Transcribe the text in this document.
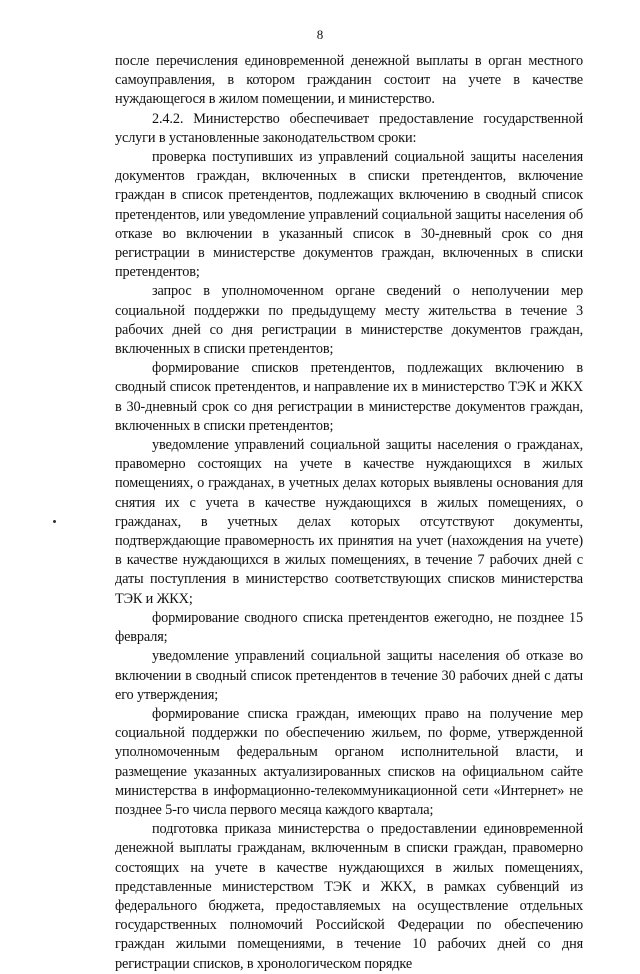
8

после перечисления единовременной денежной выплаты в орган местного самоуправления, в котором гражданин состоит на учете в качестве нуждающегося в жилом помещении, и министерство.

2.4.2. Министерство обеспечивает предоставление государственной услуги в установленные законодательством сроки:

проверка поступивших из управлений социальной защиты населения документов граждан, включенных в списки претендентов, включение граждан в список претендентов, подлежащих включению в сводный список претендентов, или уведомление управлений социальной защиты населения об отказе во включении в указанный список в 30-дневный срок со дня регистрации в министерстве документов граждан, включенных в списки претендентов;

запрос в уполномоченном органе сведений о неполучении мер социальной поддержки по предыдущему месту жительства в течение 3 рабочих дней со дня регистрации в министерстве документов граждан, включенных в списки претендентов;

формирование списков претендентов, подлежащих включению в сводный список претендентов, и направление их в министерство ТЭК и ЖКХ в 30-дневный срок со дня регистрации в министерстве документов граждан, включенных в списки претендентов;

уведомление управлений социальной защиты населения о гражданах, правомерно состоящих на учете в качестве нуждающихся в жилых помещениях, о гражданах, в учетных делах которых выявлены основания для снятия их с учета в качестве нуждающихся в жилых помещениях, о гражданах, в учетных делах которых отсутствуют документы, подтверждающие правомерность их принятия на учет (нахождения на учете) в качестве нуждающихся в жилых помещениях, в течение 7 рабочих дней с даты поступления в министерство соответствующих списков министерства ТЭК и ЖКХ;

формирование сводного списка претендентов ежегодно, не позднее 15 февраля;

уведомление управлений социальной защиты населения об отказе во включении в сводный список претендентов в течение 30 рабочих дней с даты его утверждения;

формирование списка граждан, имеющих право на получение мер социальной поддержки по обеспечению жильем, по форме, утвержденной уполномоченным федеральным органом исполнительной власти, и размещение указанных актуализированных списков на официальном сайте министерства в информационно-телекоммуникационной сети «Интернет» не позднее 5-го числа первого месяца каждого квартала;

подготовка приказа министерства о предоставлении единовременной денежной выплаты гражданам, включенным в списки граждан, правомерно состоящих на учете в качестве нуждающихся в жилых помещениях, представленные министерством ТЭК и ЖКХ, в рамках субвенций из федерального бюджета, предоставляемых на осуществление отдельных государственных полномочий Российской Федерации по обеспечению граждан жилыми помещениями, в течение 10 рабочих дней со дня регистрации списков, в хронологическом порядке
